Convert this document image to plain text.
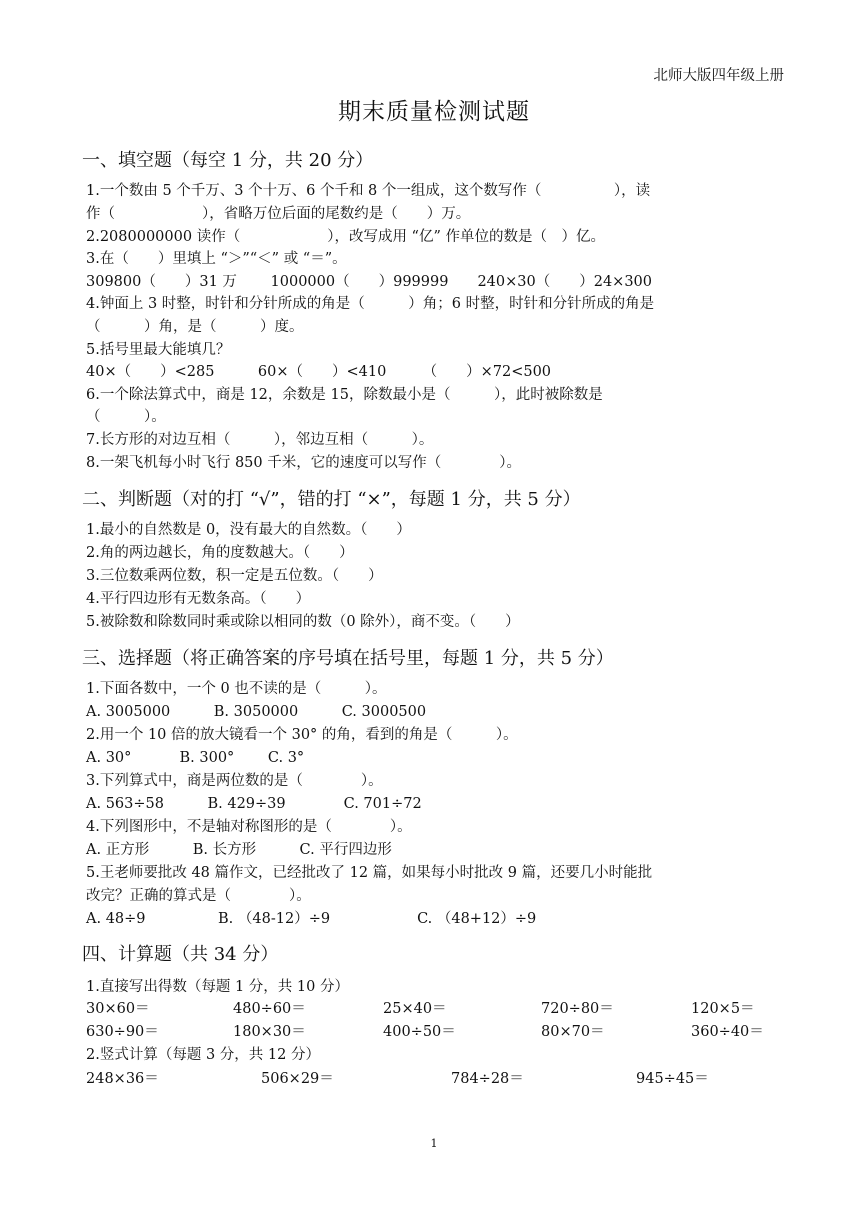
北师大版四年级上册
期末质量检测试题
一、填空题（每空 1 分，共 20 分）
1.一个数由 5 个千万、3 个十万、6 个千和 8 个一组成，这个数写作（　　　　　），读
作（　　　　　　），省略万位后面的尾数约是（　　）万。
2.2080000000 读作（　　　　　　），改写成用 “亿” 作单位的数是（　）亿。
3.在（　　）里填上 “＞”“＜” 或 “＝”。
309800（　　）31 万　　 1000000（　　）999999　　240×30（　　）24×300
4.钟面上 3 时整，时针和分针所成的角是（　　　）角；6 时整，时针和分针所成的角是
（　　　）角，是（　　　）度。
5.括号里最大能填几？
40×（　　）<285　　　60×（　　）<410　　　（　　）×72<500
6.一个除法算式中，商是 12，余数是 15，除数最小是（　　　），此时被除数是
（　　　）。
7.长方形的对边互相（　　　），邻边互相（　　　）。
8.一架飞机每小时飞行 850 千米，它的速度可以写作（　　　　）。
二、判断题（对的打 “√”，错的打 “×”，每题 1 分，共 5 分）
1.最小的自然数是 0，没有最大的自然数。（　　）
2.角的两边越长，角的度数越大。（　　）
3.三位数乘两位数，积一定是五位数。（　　）
4.平行四边形有无数条高。（　　）
5.被除数和除数同时乘或除以相同的数（0 除外），商不变。（　　）
三、选择题（将正确答案的序号填在括号里，每题 1 分，共 5 分）
1.下面各数中，一个 0 也不读的是（　　　）。
A. 3005000　　　B. 3050000　　　C. 3000500
2.用一个 10 倍的放大镜看一个 30° 的角，看到的角是（　　　）。
A. 30°　　　 B. 300°　　 C. 3°
3.下列算式中，商是两位数的是（　　　　）。
A. 563÷58　　　B. 429÷39　　　　C. 701÷72
4.下列图形中，不是轴对称图形的是（　　　　）。
A. 正方形　　　B. 长方形　　　C. 平行四边形
5.王老师要批改 48 篇作文，已经批改了 12 篇，如果每小时批改 9 篇，还要几小时能批
改完？正确的算式是（　　　　）。
A. 48÷9　　　　　B. （48-12）÷9　　　　　　C. （48+12）÷9
四、计算题（共 34 分）
1.直接写出得数（每题 1 分，共 10 分）
30×60＝	480÷60＝	25×40＝	720÷80＝	120×5＝
630÷90＝	180×30＝	400÷50＝	80×70＝	360÷40＝
2.竖式计算（每题 3 分，共 12 分）
248×36＝	506×29＝	784÷28＝	945÷45＝
1
